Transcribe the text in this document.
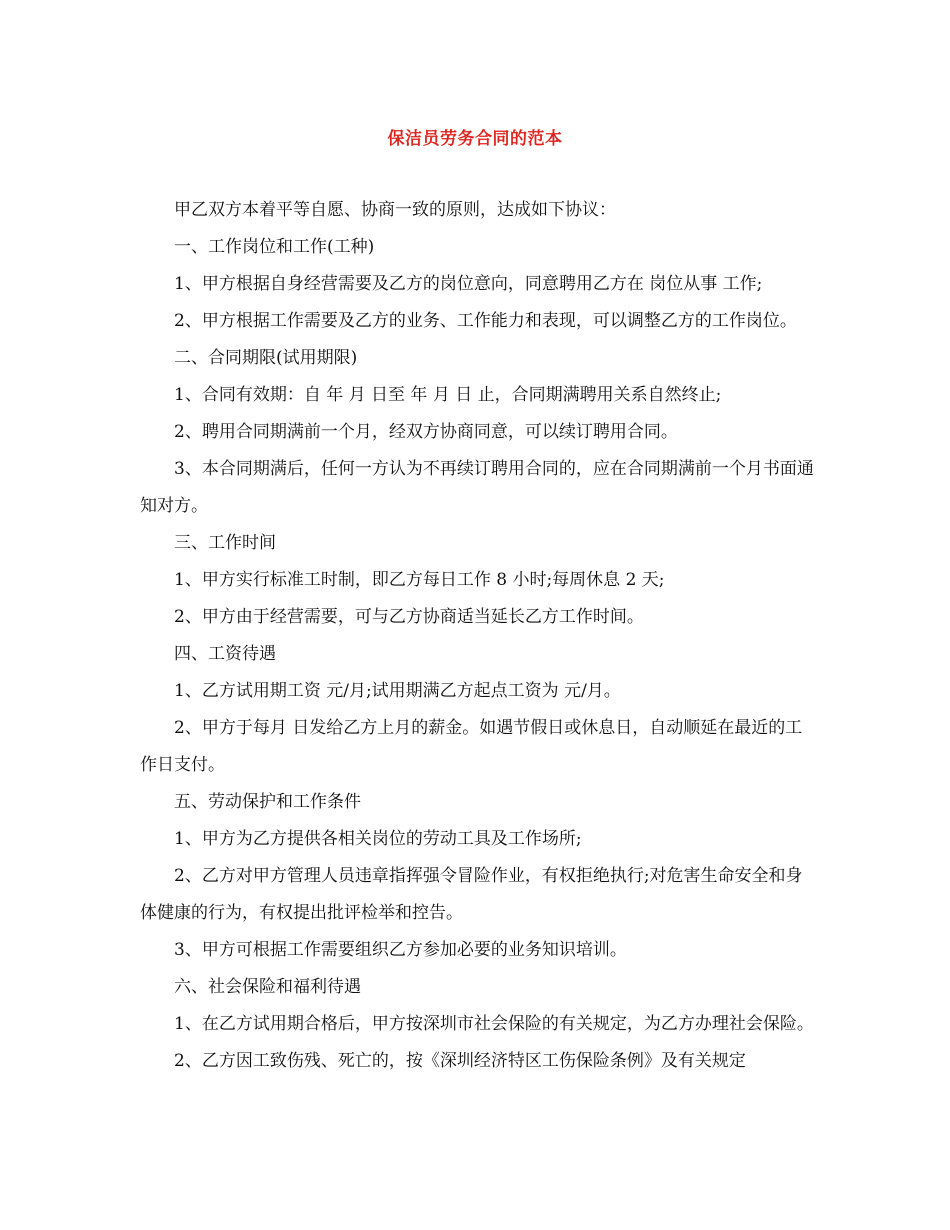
保洁员劳务合同的范本

甲乙双方本着平等自愿、协商一致的原则，达成如下协议：

一、工作岗位和工作(工种)

1、甲方根据自身经营需要及乙方的岗位意向，同意聘用乙方在 岗位从事 工作;

2、甲方根据工作需要及乙方的业务、工作能力和表现，可以调整乙方的工作岗位。

二、合同期限(试用期限)

1、合同有效期：自 年 月 日至 年 月 日 止，合同期满聘用关系自然终止;

2、聘用合同期满前一个月，经双方协商同意，可以续订聘用合同。

3、本合同期满后，任何一方认为不再续订聘用合同的，应在合同期满前一个月书面通知对方。

三、工作时间

1、甲方实行标准工时制，即乙方每日工作 8 小时;每周休息 2 天;

2、甲方由于经营需要，可与乙方协商适当延长乙方工作时间。

四、工资待遇

1、乙方试用期工资 元/月;试用期满乙方起点工资为 元/月。

2、甲方于每月 日发给乙方上月的薪金。如遇节假日或休息日，自动顺延在最近的工作日支付。

五、劳动保护和工作条件

1、甲方为乙方提供各相关岗位的劳动工具及工作场所;

2、乙方对甲方管理人员违章指挥强令冒险作业，有权拒绝执行;对危害生命安全和身体健康的行为，有权提出批评检举和控告。

3、甲方可根据工作需要组织乙方参加必要的业务知识培训。

六、社会保险和福利待遇

1、在乙方试用期合格后，甲方按深圳市社会保险的有关规定，为乙方办理社会保险。

2、乙方因工致伤残、死亡的，按《深圳经济特区工伤保险条例》及有关规定
